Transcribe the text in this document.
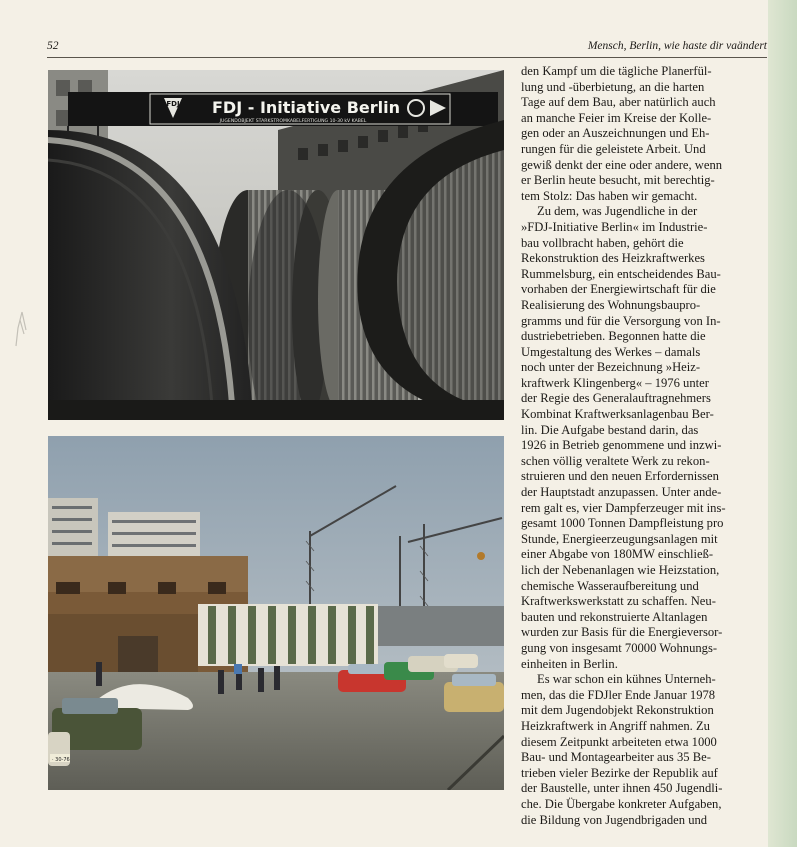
52	Mensch, Berlin, wie haste dir vaändert
FDJ FDJ - Initiative Berlin
JUGENDOBJEKT STARKSTROMKABELFERTIGUNG 10-30 kV KABEL
· 30-76
den Kampf um die tägliche Planerfül-
lung und -überbietung, an die harten
Tage auf dem Bau, aber natürlich auch
an manche Feier im Kreise der Kolle-
gen oder an Auszeichnungen und Eh-
rungen für die geleistete Arbeit. Und
gewiß denkt der eine oder andere, wenn
er Berlin heute besucht, mit berechtig-
tem Stolz: Das haben wir gemacht.
Zu dem, was Jugendliche in der
»FDJ-Initiative Berlin« im Industrie-
bau vollbracht haben, gehört die
Rekonstruktion des Heizkraftwerkes
Rummelsburg, ein entscheidendes Bau-
vorhaben der Energiewirtschaft für die
Realisierung des Wohnungsbaupro-
gramms und für die Versorgung von In-
dustriebetrieben. Begonnen hatte die
Umgestaltung des Werkes – damals
noch unter der Bezeichnung »Heiz-
kraftwerk Klingenberg« – 1976 unter
der Regie des Generalauftragnehmers
Kombinat Kraftwerksanlagenbau Ber-
lin. Die Aufgabe bestand darin, das
1926 in Betrieb genommene und inzwi-
schen völlig veraltete Werk zu rekon-
struieren und den neuen Erfordernissen
der Hauptstadt anzupassen. Unter ande-
rem galt es, vier Dampferzeuger mit ins-
gesamt 1000 Tonnen Dampfleistung pro
Stunde, Energieerzeugungsanlagen mit
einer Abgabe von 180MW einschließ-
lich der Nebenanlagen wie Heizstation,
chemische Wasseraufbereitung und
Kraftwerkswerkstatt zu schaffen. Neu-
bauten und rekonstruierte Altanlagen
wurden zur Basis für die Energieversor-
gung von insgesamt 70000 Wohnungs-
einheiten in Berlin.
Es war schon ein kühnes Unterneh-
men, das die FDJler Ende Januar 1978
mit dem Jugendobjekt Rekonstruktion
Heizkraftwerk in Angriff nahmen. Zu
diesem Zeitpunkt arbeiteten etwa 1000
Bau- und Montagearbeiter aus 35 Be-
trieben vieler Bezirke der Republik auf
der Baustelle, unter ihnen 450 Jugendli-
che. Die Übergabe konkreter Aufgaben,
die Bildung von Jugendbrigaden und
